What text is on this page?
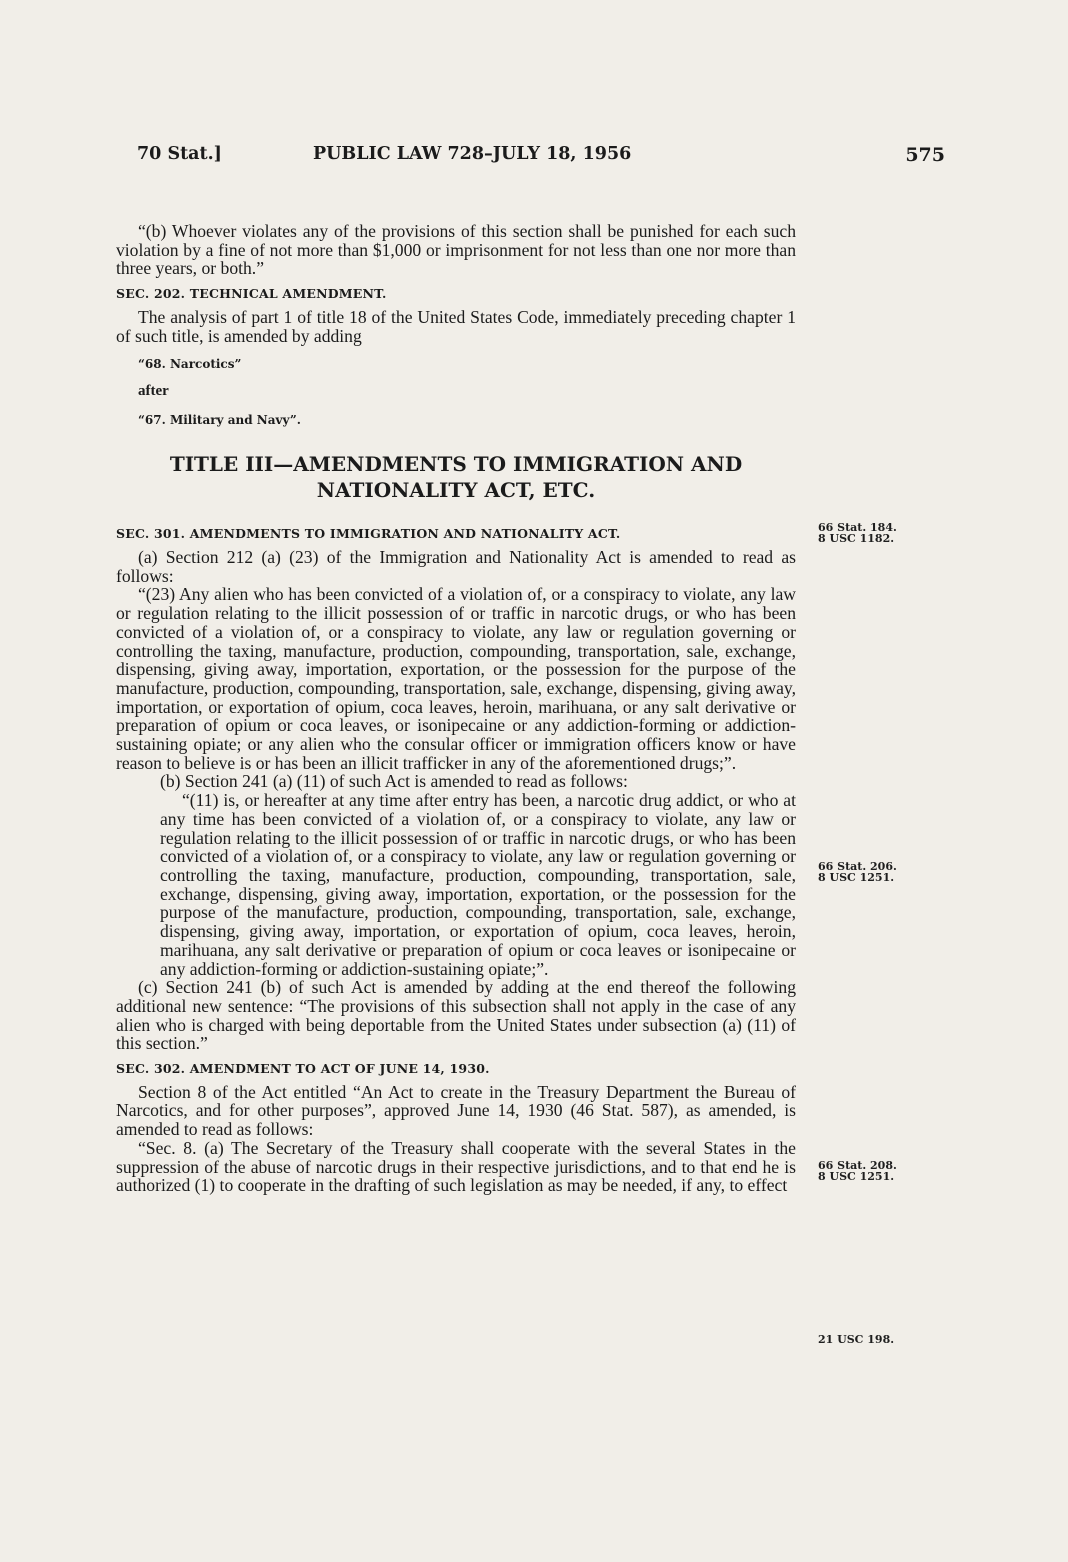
70 Stat.]	PUBLIC LAW 728–JULY 18, 1956	575

“(b) Whoever violates any of the provisions of this section shall be punished for each such violation by a fine of not more than $1,000 or imprisonment for not less than one nor more than three years, or both.”

SEC. 202. TECHNICAL AMENDMENT.

The analysis of part 1 of title 18 of the United States Code, immediately preceding chapter 1 of such title, is amended by adding

“68. Narcotics”

after

“67. Military and Navy”.

TITLE III—AMENDMENTS TO IMMIGRATION AND NATIONALITY ACT, ETC.

SEC. 301. AMENDMENTS TO IMMIGRATION AND NATIONALITY ACT.

(a) Section 212 (a) (23) of the Immigration and Nationality Act is amended to read as follows:

“(23) Any alien who has been convicted of a violation of, or a conspiracy to violate, any law or regulation relating to the illicit possession of or traffic in narcotic drugs, or who has been convicted of a violation of, or a conspiracy to violate, any law or regulation governing or controlling the taxing, manufacture, production, compounding, transportation, sale, exchange, dispensing, giving away, importation, exportation, or the possession for the purpose of the manufacture, production, compounding, transportation, sale, exchange, dispensing, giving away, importation, or exportation of opium, coca leaves, heroin, marihuana, or any salt derivative or preparation of opium or coca leaves, or isonipecaine or any addiction-forming or addiction-sustaining opiate; or any alien who the consular officer or immigration officers know or have reason to believe is or has been an illicit trafficker in any of the aforementioned drugs;”.

(b) Section 241 (a) (11) of such Act is amended to read as follows:

“(11) is, or hereafter at any time after entry has been, a narcotic drug addict, or who at any time has been convicted of a violation of, or a conspiracy to violate, any law or regulation relating to the illicit possession of or traffic in narcotic drugs, or who has been convicted of a violation of, or a conspiracy to violate, any law or regulation governing or controlling the taxing, manufacture, production, compounding, transportation, sale, exchange, dispensing, giving away, importation, exportation, or the possession for the purpose of the manufacture, production, compounding, transportation, sale, exchange, dispensing, giving away, importation, or exportation of opium, coca leaves, heroin, marihuana, any salt derivative or preparation of opium or coca leaves or isonipecaine or any addiction-forming or addiction-sustaining opiate;”.

(c) Section 241 (b) of such Act is amended by adding at the end thereof the following additional new sentence: “The provisions of this subsection shall not apply in the case of any alien who is charged with being deportable from the United States under subsection (a) (11) of this section.”

SEC. 302. AMENDMENT TO ACT OF JUNE 14, 1930.

Section 8 of the Act entitled “An Act to create in the Treasury Department the Bureau of Narcotics, and for other purposes”, approved June 14, 1930 (46 Stat. 587), as amended, is amended to read as follows:

“Sec. 8. (a) The Secretary of the Treasury shall cooperate with the several States in the suppression of the abuse of narcotic drugs in their respective jurisdictions, and to that end he is authorized (1) to cooperate in the drafting of such legislation as may be needed, if any, to effect

66 Stat. 184.
8 USC 1182.
66 Stat. 206.
8 USC 1251.
66 Stat. 208.
8 USC 1251.
21 USC 198.
